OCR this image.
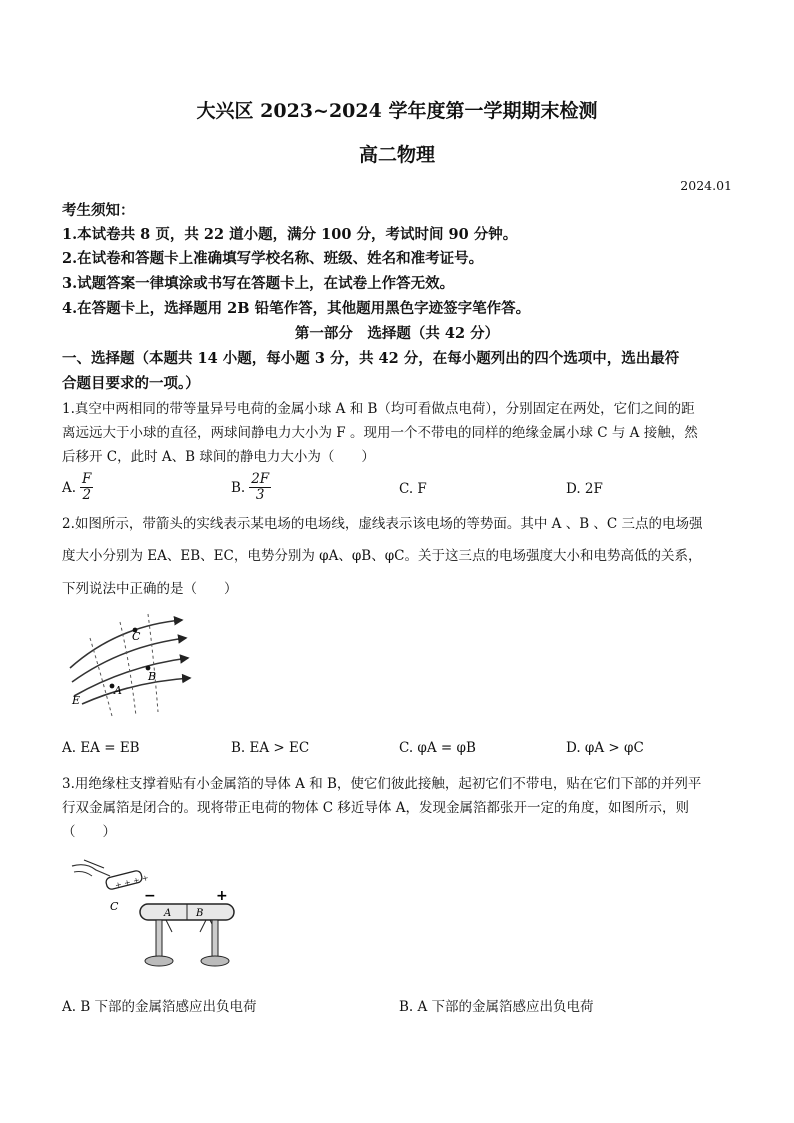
大兴区 2023~2024 学年度第一学期期末检测
高二物理
2024.01
考生须知：
1.本试卷共 8 页，共 22 道小题，满分 100 分，考试时间 90 分钟。
2.在试卷和答题卡上准确填写学校名称、班级、姓名和准考证号。
3.试题答案一律填涂或书写在答题卡上，在试卷上作答无效。
4.在答题卡上，选择题用 2B 铅笔作答，其他题用黑色字迹签字笔作答。
第一部分　选择题（共 42 分）
一、选择题（本题共 14 小题，每小题 3 分，共 42 分，在每小题列出的四个选项中，选出最符
合题目要求的一项。）
1.真空中两相同的带等量异号电荷的金属小球 A 和 B（均可看做点电荷），分别固定在两处，它们之间的距
离远远大于小球的直径，两球间静电力大小为 F 。现用一个不带电的同样的绝缘金属小球 C 与 A 接触，然
后移开 C，此时 A、B 球间的静电力大小为（　　）
A. $\frac{F}{2}$	B. $\frac{2F}{3}$	C. F	D. 2F
2.如图所示，带箭头的实线表示某电场的电场线，虚线表示该电场的等势面。其中 A 、B 、C 三点的电场强
度大小分别为 EA、EB、EC，电势分别为 φA、φB、φC。关于这三点的电场强度大小和电势高低的关系，
下列说法中正确的是（　　）
C
B
A
E
A. EA = EB	B. EA > EC	C. φA = φB	D. φA > φC
3.用绝缘柱支撑着贴有小金属箔的导体 A 和 B，使它们彼此接触，起初它们不带电，贴在它们下部的并列平
行双金属箔是闭合的。现将带正电荷的物体 C 移近导体 A，发现金属箔都张开一定的角度，如图所示，则
（　　）
+ + + +
C
A B
−	+
A. B 下部的金属箔感应出负电荷	B. A 下部的金属箔感应出负电荷
